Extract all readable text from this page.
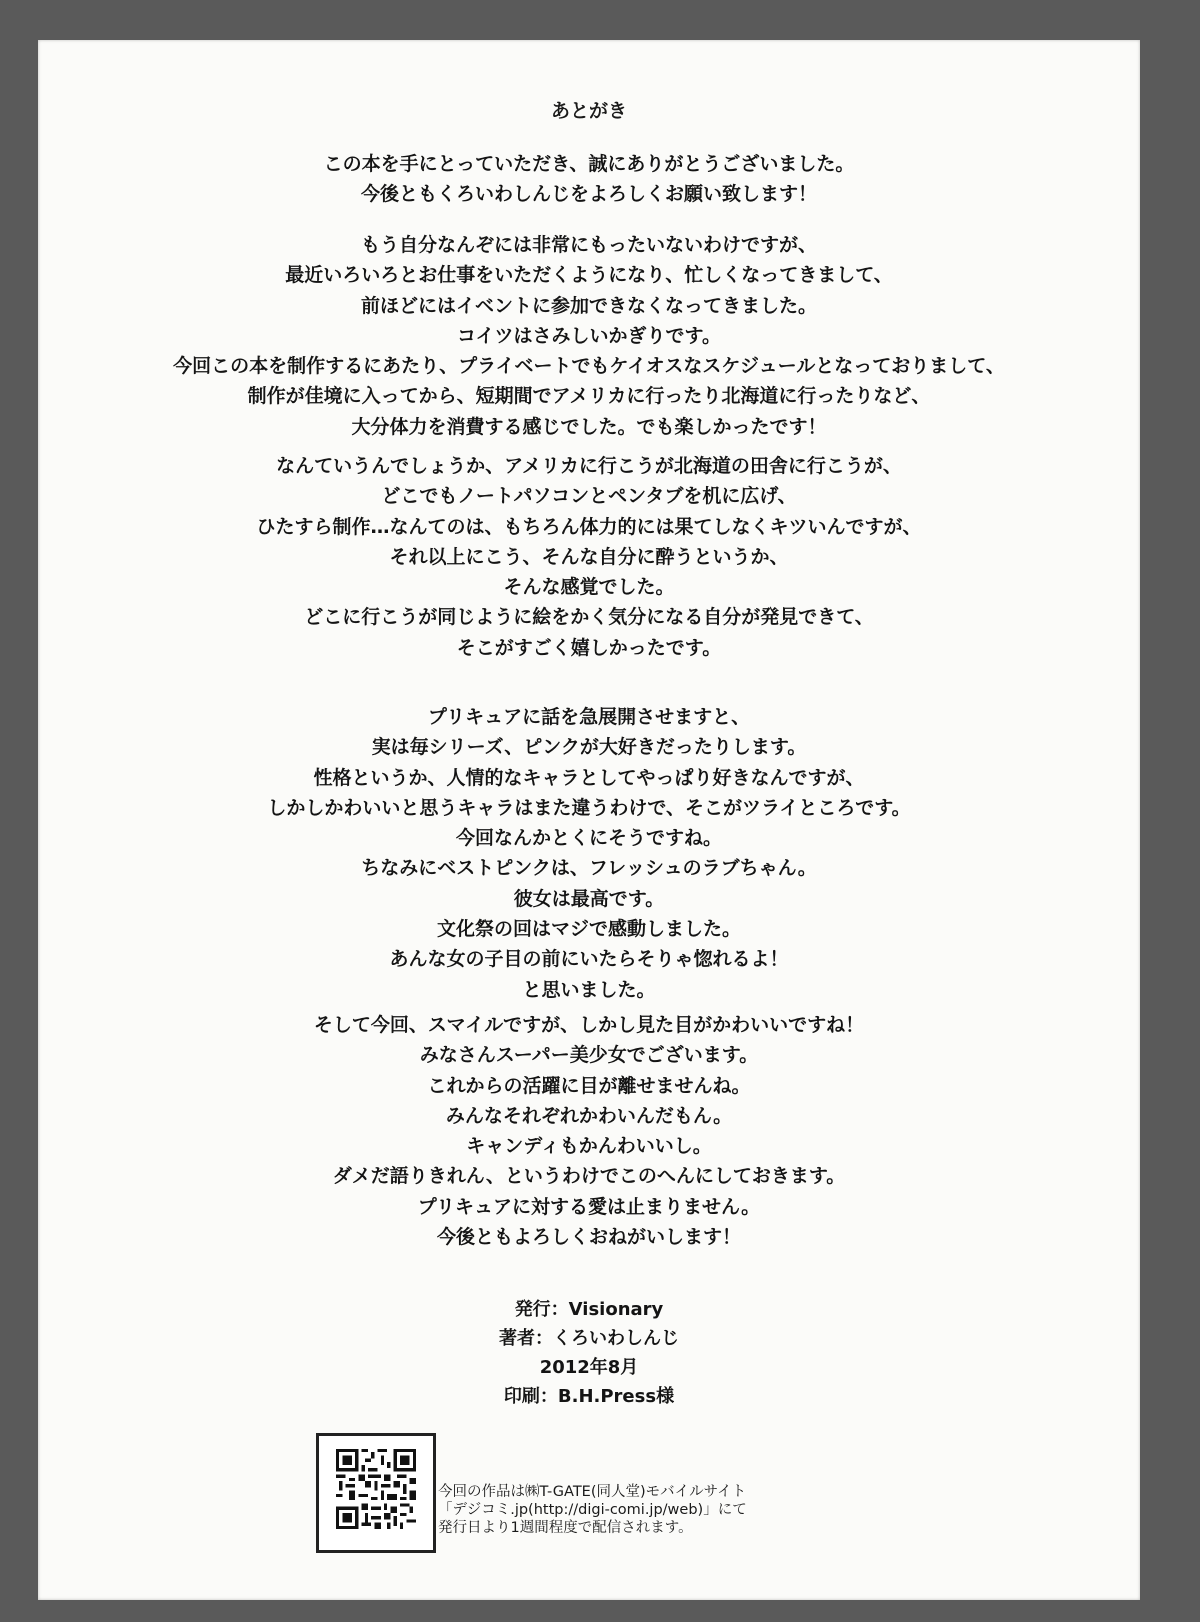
あとがき
この本を手にとっていただき、誠にありがとうございました。
今後ともくろいわしんじをよろしくお願い致します！
もう自分なんぞには非常にもったいないわけですが、
最近いろいろとお仕事をいただくようになり、忙しくなってきまして、
前ほどにはイベントに参加できなくなってきました。
コイツはさみしいかぎりです。
今回この本を制作するにあたり、プライベートでもケイオスなスケジュールとなっておりまして、
制作が佳境に入ってから、短期間でアメリカに行ったり北海道に行ったりなど、
大分体力を消費する感じでした。でも楽しかったです！
なんていうんでしょうか、アメリカに行こうが北海道の田舎に行こうが、
どこでもノートパソコンとペンタブを机に広げ、
ひたすら制作…なんてのは、もちろん体力的には果てしなくキツいんですが、
それ以上にこう、そんな自分に酔うというか、
そんな感覚でした。
どこに行こうが同じように絵をかく気分になる自分が発見できて、
そこがすごく嬉しかったです。
プリキュアに話を急展開させますと、
実は毎シリーズ、ピンクが大好きだったりします。
性格というか、人情的なキャラとしてやっぱり好きなんですが、
しかしかわいいと思うキャラはまた違うわけで、そこがツライところです。
今回なんかとくにそうですね。
ちなみにベストピンクは、フレッシュのラブちゃん。
彼女は最高です。
文化祭の回はマジで感動しました。
あんな女の子目の前にいたらそりゃ惚れるよ！
と思いました。
そして今回、スマイルですが、しかし見た目がかわいいですね！
みなさんスーパー美少女でございます。
これからの活躍に目が離せませんね。
みんなそれぞれかわいんだもん。
キャンディもかんわいいし。
ダメだ語りきれん、というわけでこのへんにしておきます。
プリキュアに対する愛は止まりません。
今後ともよろしくおねがいします！
発行：Visionary
著者：くろいわしんじ
2012年8月
印刷：B.H.Press様
今回の作品は㈱T-GATE(同人堂)モバイルサイト
「デジコミ.jp(http://digi-comi.jp/web)」にて
発行日より1週間程度で配信されます。
